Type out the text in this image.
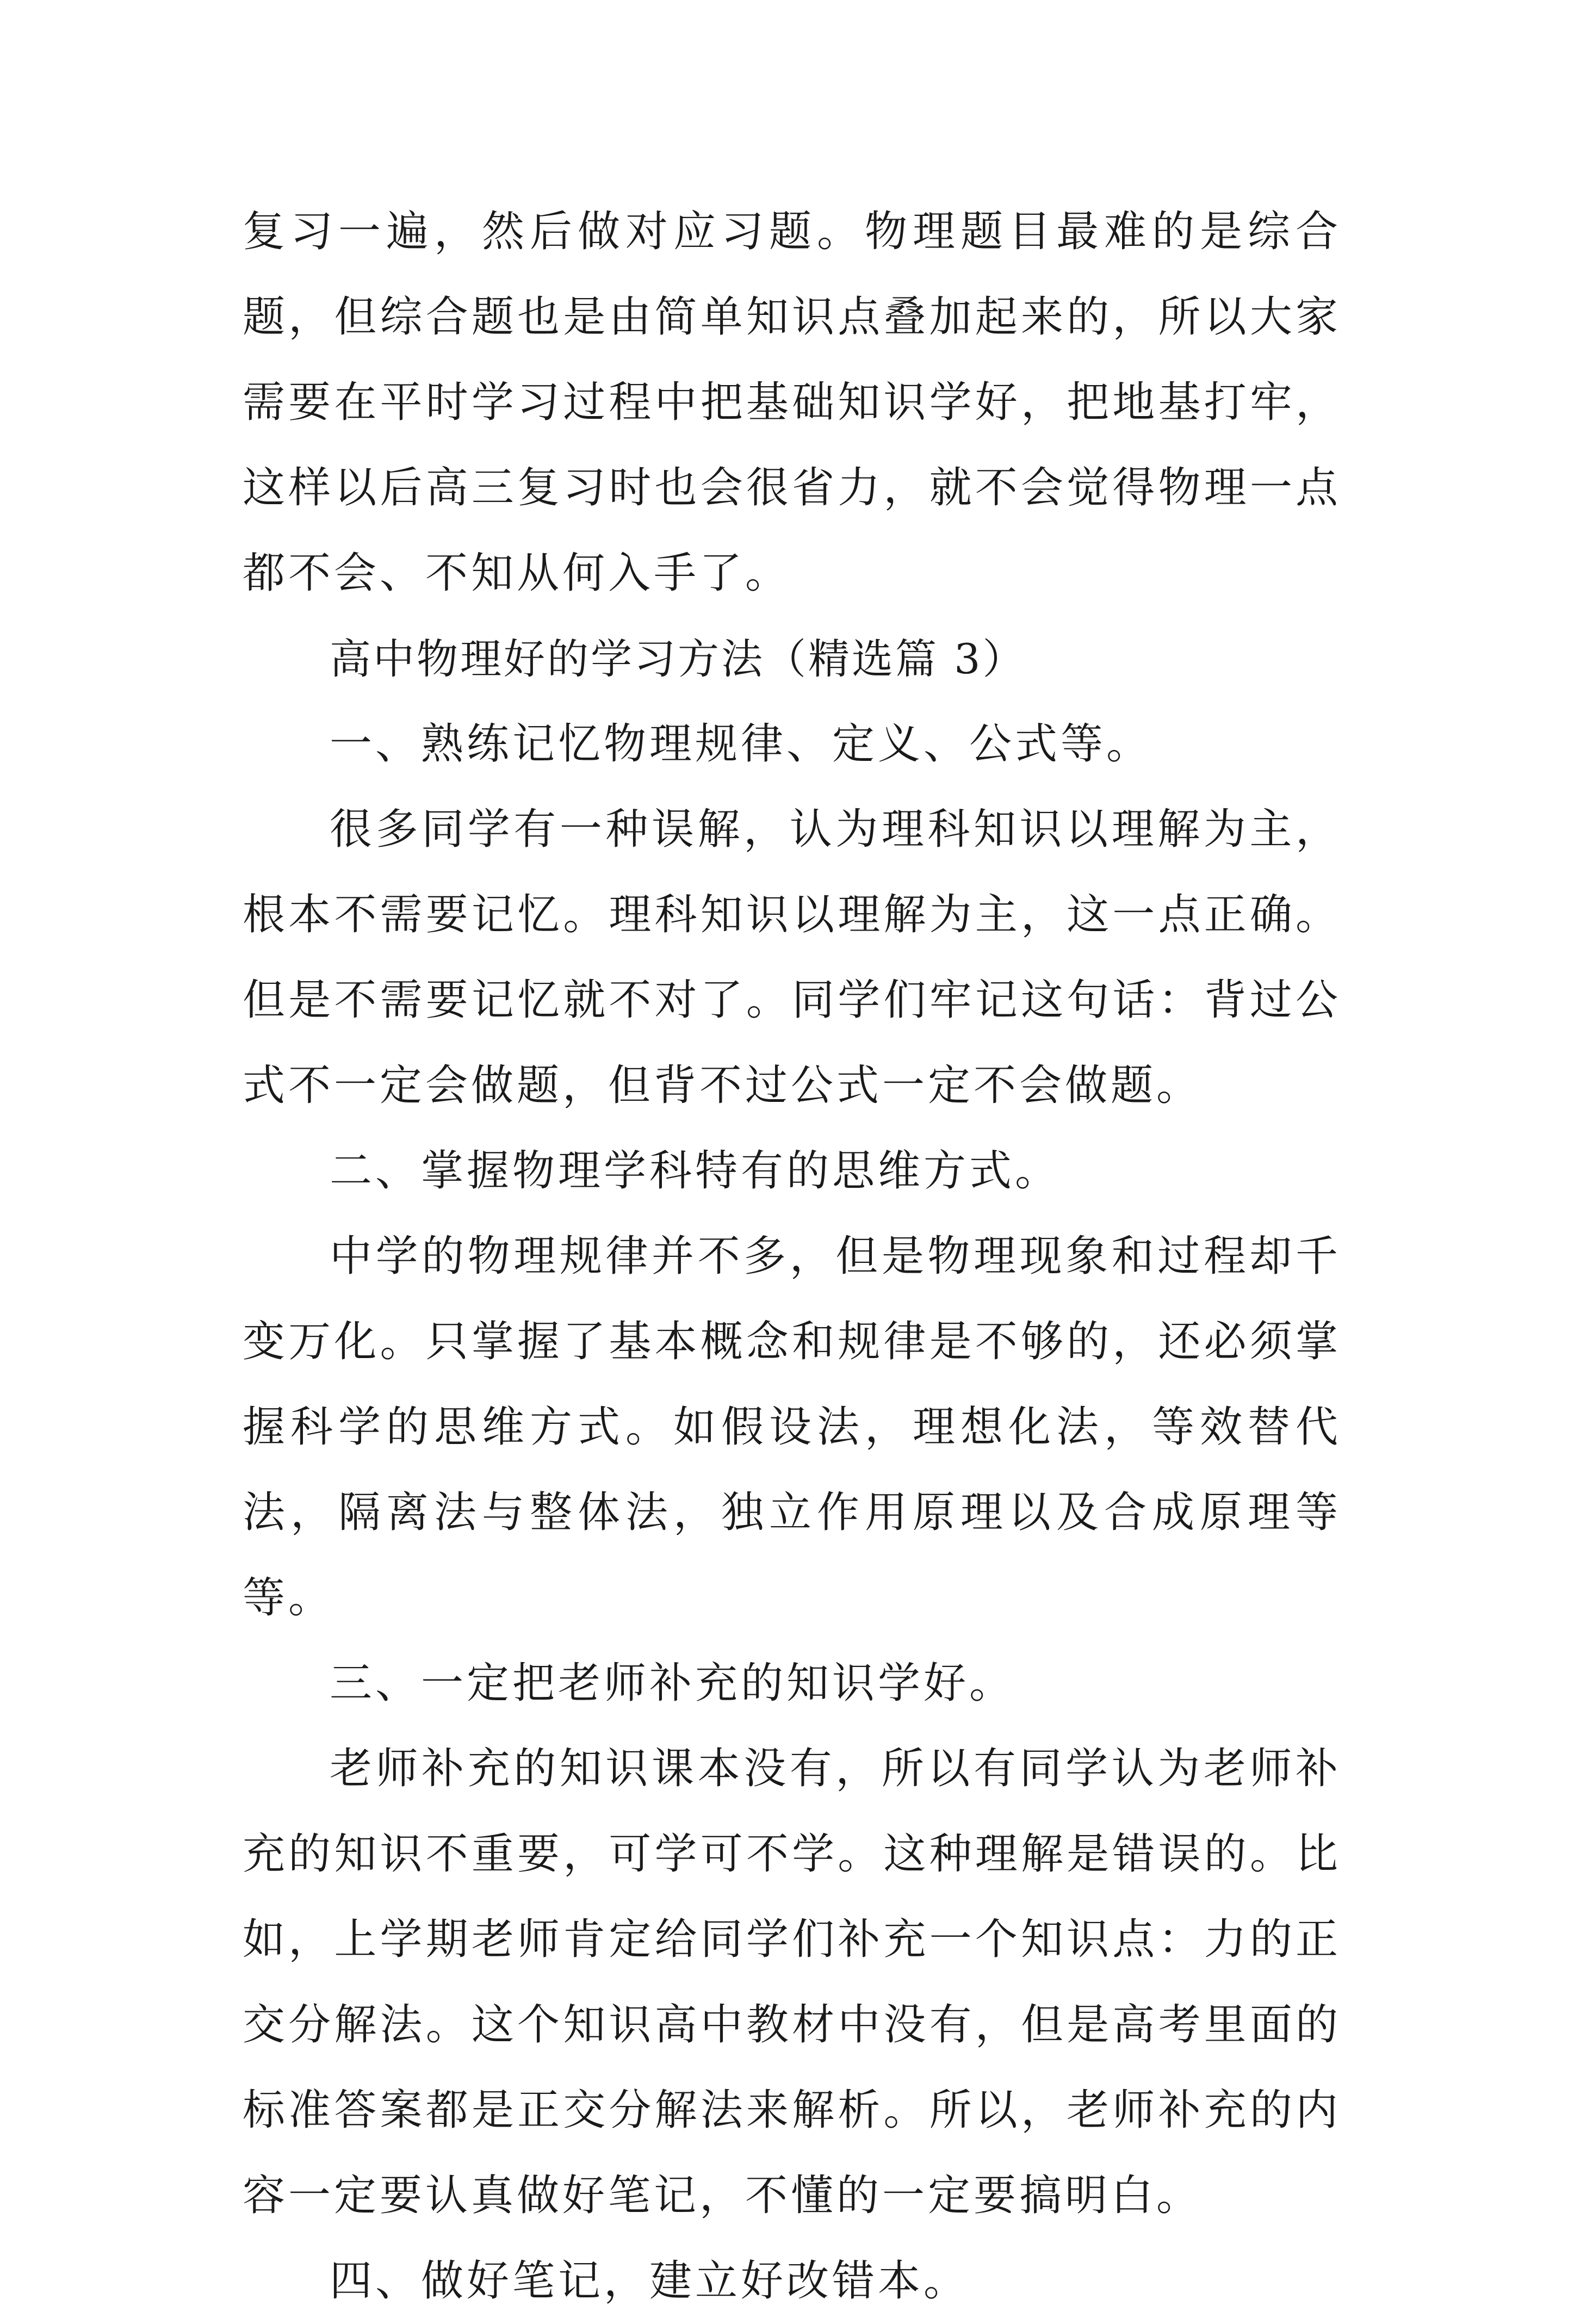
复习一遍，然后做对应习题。物理题目最难的是综合题，但综合题也是由简单知识点叠加起来的，所以大家需要在平时学习过程中把基础知识学好，把地基打牢，这样以后高三复习时也会很省力，就不会觉得物理一点都不会、不知从何入手了。

高中物理好的学习方法（精选篇 3）

一、熟练记忆物理规律、定义、公式等。

很多同学有一种误解，认为理科知识以理解为主，根本不需要记忆。理科知识以理解为主，这一点正确。但是不需要记忆就不对了。同学们牢记这句话：背过公式不一定会做题，但背不过公式一定不会做题。

二、掌握物理学科特有的思维方式。

中学的物理规律并不多，但是物理现象和过程却千变万化。只掌握了基本概念和规律是不够的，还必须掌握科学的思维方式。如假设法，理想化法，等效替代法，隔离法与整体法，独立作用原理以及合成原理等等。

三、一定把老师补充的知识学好。

老师补充的知识课本没有，所以有同学认为老师补充的知识不重要，可学可不学。这种理解是错误的。比如，上学期老师肯定给同学们补充一个知识点：力的正交分解法。这个知识高中教材中没有，但是高考里面的标准答案都是正交分解法来解析。所以，老师补充的内容一定要认真做好笔记，不懂的一定要搞明白。

四、做好笔记，建立好改错本。
